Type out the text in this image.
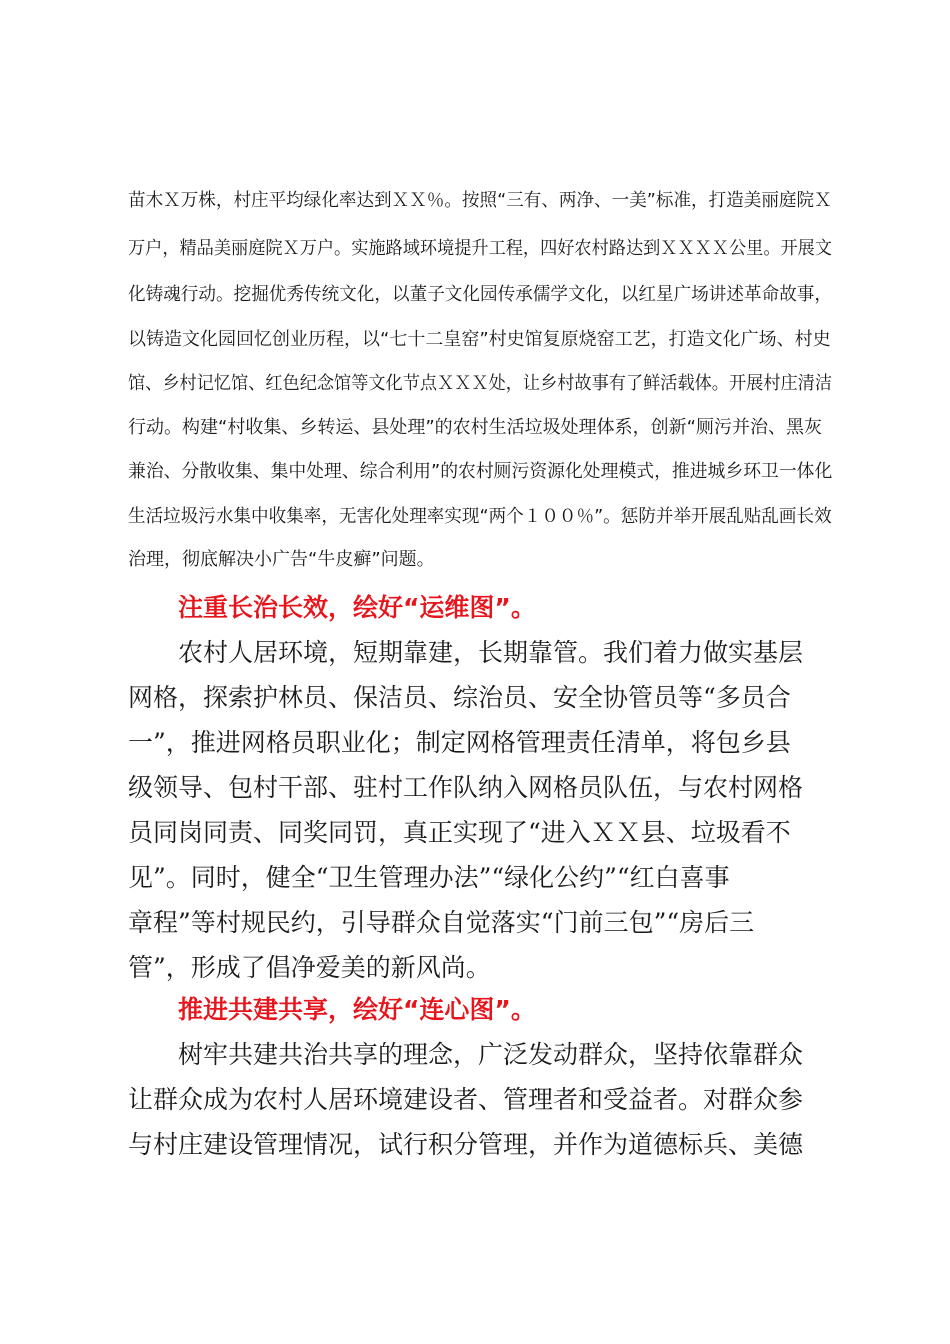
苗木Ｘ万株，村庄平均绿化率达到ＸＸ％。按照“三有、两净、一美”标准，打造美丽庭院Ｘ
万户，精品美丽庭院Ｘ万户。实施路域环境提升工程，四好农村路达到ＸＸＸＸ公里。开展文
化铸魂行动。挖掘优秀传统文化，以董子文化园传承儒学文化，以红星广场讲述革命故事，
以铸造文化园回忆创业历程，以“七十二皇窑”村史馆复原烧窑工艺，打造文化广场、村史
馆、乡村记忆馆、红色纪念馆等文化节点ＸＸＸ处，让乡村故事有了鲜活载体。开展村庄清洁
行动。构建“村收集、乡转运、县处理”的农村生活垃圾处理体系，创新“厕污并治、黑灰
兼治、分散收集、集中处理、综合利用”的农村厕污资源化处理模式，推进城乡环卫一体化
生活垃圾污水集中收集率，无害化处理率实现“两个１００％”。惩防并举开展乱贴乱画长效
治理，彻底解决小广告“牛皮癣”问题。
注重长治长效，绘好“运维图”。
农村人居环境，短期靠建，长期靠管。我们着力做实基层
网格，探索护林员、保洁员、综治员、安全协管员等“多员合
一”，推进网格员职业化；制定网格管理责任清单，将包乡县
级领导、包村干部、驻村工作队纳入网格员队伍，与农村网格
员同岗同责、同奖同罚，真正实现了“进入ＸＸ县、垃圾看不
见”。同时，健全“卫生管理办法”“绿化公约”“红白喜事
章程”等村规民约，引导群众自觉落实“门前三包”“房后三
管”，形成了倡净爱美的新风尚。
推进共建共享，绘好“连心图”。
树牢共建共治共享的理念，广泛发动群众，坚持依靠群众
让群众成为农村人居环境建设者、管理者和受益者。对群众参
与村庄建设管理情况，试行积分管理，并作为道德标兵、美德
